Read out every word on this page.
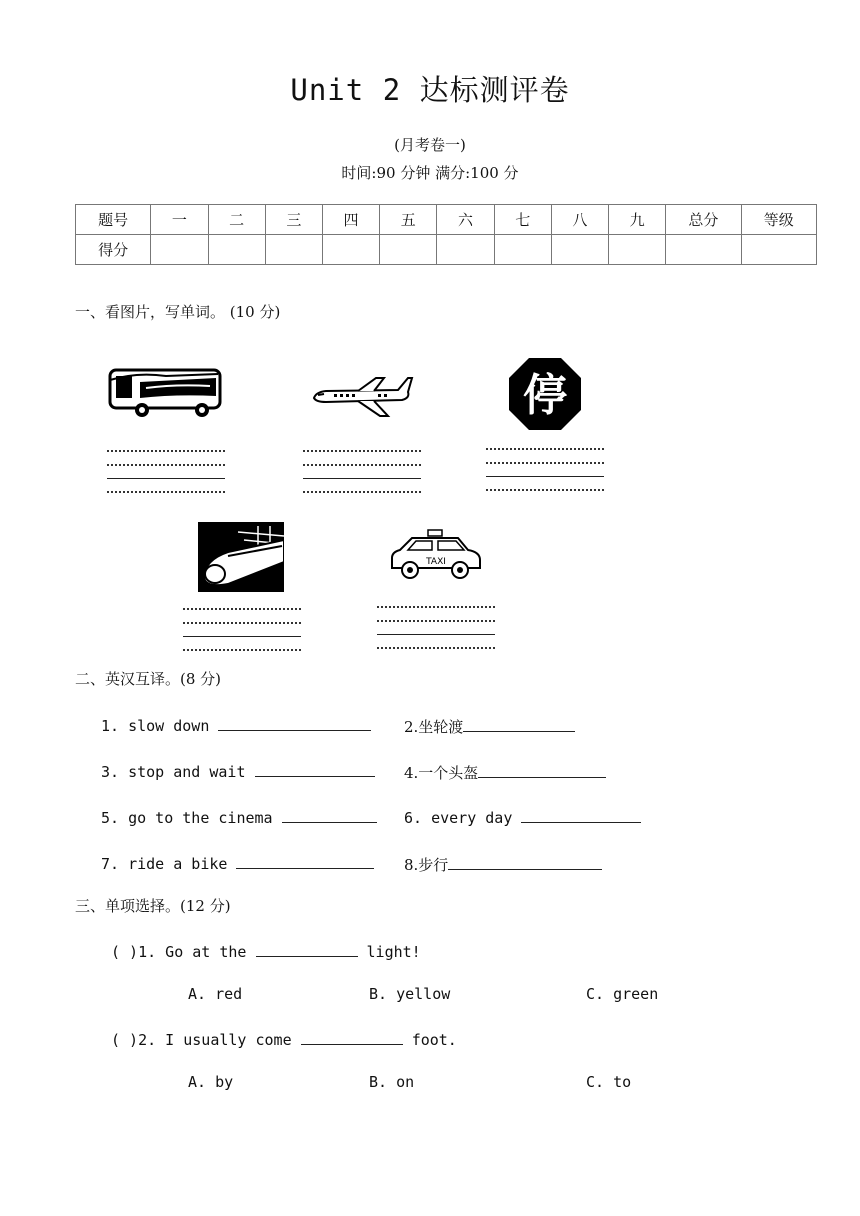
Unit 2 达标测评卷
(月考卷一)
时间:90 分钟 满分:100 分
题号	一	二	三	四	五	六	七	八	九	总分	等级
得分											
一、看图片，写单词。 (10 分)
停
TAXI
二、英汉互译。(8 分)
1. slow down	2.坐轮渡
3. stop and wait	4.一个头盔
5. go to the cinema	6. every day
7. ride a bike	8.步行
三、单项选择。(12 分)
( )1. Go at the	light!
A. red	B. yellow	C. green
( )2. I usually come	foot.
A. by	B. on	C. to
